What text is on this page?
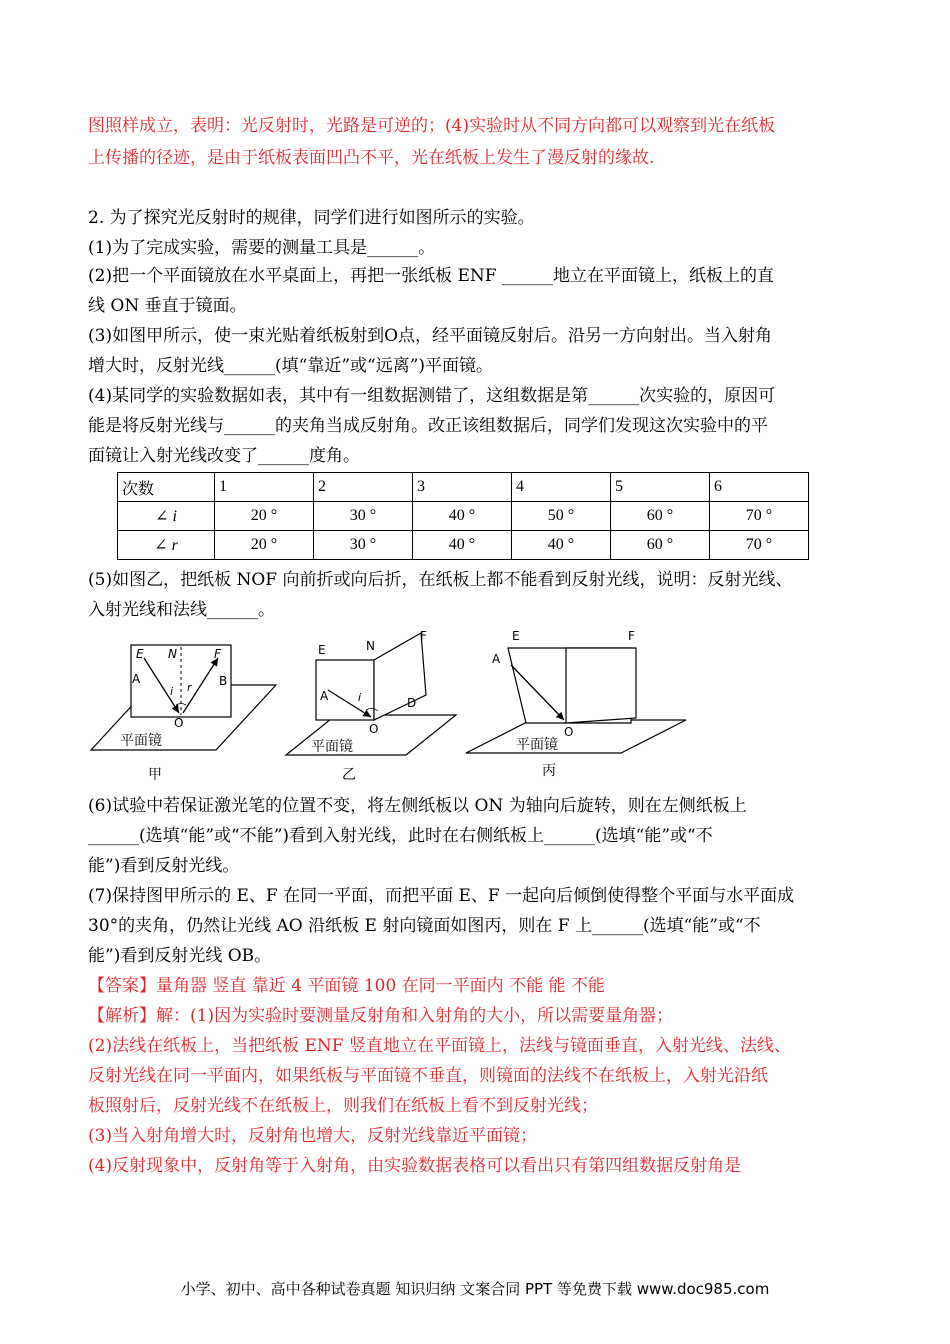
图照样成立，表明：光反射时，光路是可逆的；(4)实验时从不同方向都可以观察到光在纸板
上传播的径迹，是由于纸板表面凹凸不平，光在纸板上发生了漫反射的缘故.
2. 为了探究光反射时的规律，同学们进行如图所示的实验。
(1)为了完成实验，需要的测量工具是______。
(2)把一个平面镜放在水平桌面上，再把一张纸板 ENF ______地立在平面镜上，纸板上的直
线 ON 垂直于镜面。
(3)如图甲所示，使一束光贴着纸板射到O点，经平面镜反射后。沿另一方向射出。当入射角
增大时，反射光线______(填“靠近”或“远离”)平面镜。
(4)某同学的实验数据如表，其中有一组数据测错了，这组数据是第______次实验的，原因可
能是将反射光线与______的夹角当成反射角。改正该组数据后，同学们发现这次实验中的平
面镜让入射光线改变了______度角。
次数	1	2	3	4	5	6
∠ i	20 °	30 °	40 °	50 °	60 °	70 °
∠ r	20 °	30 °	40 °	40 °	60 °	70 °
(5)如图乙，把纸板 NOF 向前折或向后折，在纸板上都不能看到反射光线，说明：反射光线、
入射光线和法线______。
E N	F
A	B
i r
O
平面镜
甲
E	N
F
A	i	D
O
平面镜
乙
E	F
A
O
平面镜
丙
(6)试验中若保证激光笔的位置不变，将左侧纸板以 ON 为轴向后旋转，则在左侧纸板上
______(选填“能”或“不能”)看到入射光线，此时在右侧纸板上______(选填“能”或“不
能”)看到反射光线。
(7)保持图甲所示的 E、F 在同一平面，而把平面 E、F 一起向后倾倒使得整个平面与水平面成
30°的夹角，仍然让光线 AO 沿纸板 E 射向镜面如图丙，则在 F 上______(选填“能”或“不
能”)看到反射光线 OB。
【答案】量角器 竖直 靠近 4 平面镜 100 在同一平面内 不能 能 不能
【解析】解：(1)因为实验时要测量反射角和入射角的大小，所以需要量角器；
(2)法线在纸板上，当把纸板 ENF 竖直地立在平面镜上，法线与镜面垂直，入射光线、法线、
反射光线在同一平面内，如果纸板与平面镜不垂直，则镜面的法线不在纸板上，入射光沿纸
板照射后，反射光线不在纸板上，则我们在纸板上看不到反射光线；
(3)当入射角增大时，反射角也增大，反射光线靠近平面镜；
(4)反射现象中，反射角等于入射角，由实验数据表格可以看出只有第四组数据反射角是
小学、初中、高中各种试卷真题 知识归纳 文案合同 PPT 等免费下载 www.doc985.com
